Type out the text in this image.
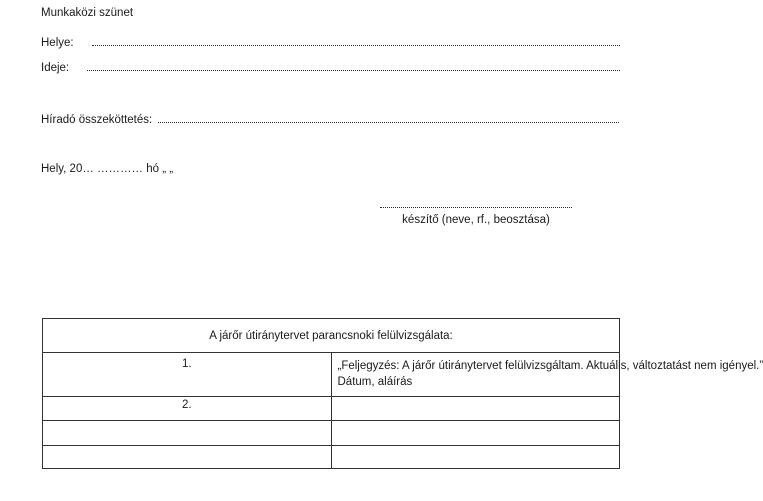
Munkaközi szünet
Helye:
Ideje:
Híradó összeköttetés:
Hely, 20… ………… hó „ „
készítő (neve, rf., beosztása)
A járőr útiránytervet parancsnoki felülvizsgálata:	
1.	„Feljegyzés: A járőr útiránytervet felülvizsgáltam. Aktuális, változtatást nem igényel.”
Dátum, aláírás

2.	
